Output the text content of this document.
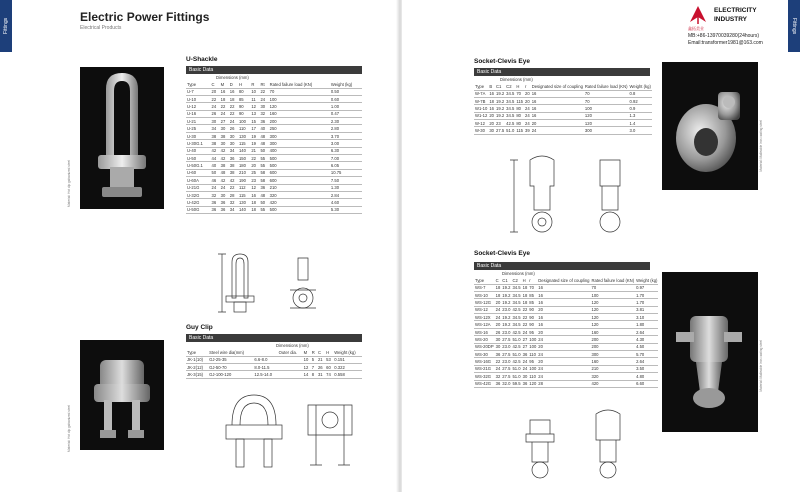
Fittings
Electric Power Fittings
Electrical Products
U-Shackle
Basic Data
Dimensions (mm)
Type	C	M	D	H	R	Rt	Rated failure load (KN)	Weight (kg)
U-7	20	16	16	80	10	22	70	0.50
U-10	22	18	18	85	11	24	100	0.60
U-12	24	22	22	90	12	30	120	1.00
U-16	26	24	22	90	13	32	160	0.47
U-21	30	27	24	100	15	36	200	2.30
U-25	34	30	26	110	17	40	250	2.80
U-30	38	38	30	130	19	48	300	3.70
U-30G.1	38	30	30	115	19	48	300	3.00
U-40	42	42	34	140	21	50	400	6.30
U-50	44	42	36	150	22	55	500	7.00
U-50G.1	40	38	38	180	20	55	500	6.05
U-60	50	48	38	210	25	58	600	10.75
U-60A	46	42	42	190	23	58	600	7.50
U-21G	24	24	22	112	12	36	210	1.30
U-32G	32	30	28	115	16	48	320	2.84
U-42G	36	36	32	130	18	50	420	4.60
U-50G	36	36	34	140	18	55	500	5.30
Material: Hot dip galvanized steel
Guy Clip
Basic Data
Type	Steel wire dia(mm)		Outer dia.	M	R	C	H	Weight (kg)
JK-1(10)	GJ-25-35	6.6-8.0		10	5	21	53	0.151
JK-2(12)	GJ-50-70	8.0-11.5		12	7	26	60	0.322
JK-3(15)	GJ-100-120	12.5-14.0		14	8	31	74	0.558
Dimensions (mm)
Material: Hot dip galvanized steel
Fittings
ELECTRICITY
INDUSTRY
鑫拓美业
MB:+86-13970039280(24hours)
Email:transformer1981@163.com
Socket-Clevis Eye
Basic Data
Type	B	C1	C2	H	r	Designated size of coupling	Rated failure load (KN)	Weight (kg)
W-7A	16	19.2	34.5	70	20	16	70	0.8
W-7B	18	19.2	34.5	115	20	16	70	0.92
W1-10	16	19.2	34.5	80	24	16	100	0.9
W1-12	20	19.2	34.5	80	24	16	120	1.3
W-12	20	23	42.5	80	24	20	120	1.4
W-30	30	27.5	51.0	115	39	24	300	3.0
Dimensions (mm)
Material: Malleable iron casting steel
Socket-Clevis Eye
Basic Data
Type	C	C1	C2	H	r	Designated size of coupling	Rated failure load (KN)	Weight (kg)
WS-7	18	19.2	34.5	18	70	16	70	0.97
WS-10	18	19.2	34.5	18	85	16	100	1.70
WS-12G	20	19.2	34.5	18	85	16	120	1.70
WS-12	24	23.0	42.5	22	90	20	120	3.81
WS-12X	24	19.2	34.5	22	90	16	120	3.10
WS-12A	20	19.2	34.5	22	90	16	120	1.80
WS-16	26	23.0	42.5	24	95	20	160	2.64
WS-20	30	27.5	51.0	27	100	24	200	4.30
WS-20DP	30	23.0	42.5	27	100	20	200	4.50
WS-30	36	27.5	51.0	36	110	24	300	5.70
WS-16G	22	23.0	42.5	24	95	20	160	2.64
WS-21G	24	27.5	51.0	24	100	24	210	3.50
WS-32G	32	27.5	51.0	30	110	24	320	4.80
WS-42G	36	32.0	59.5	36	120	28	420	6.60
Dimensions (mm)
Material: Malleable iron casting steel
